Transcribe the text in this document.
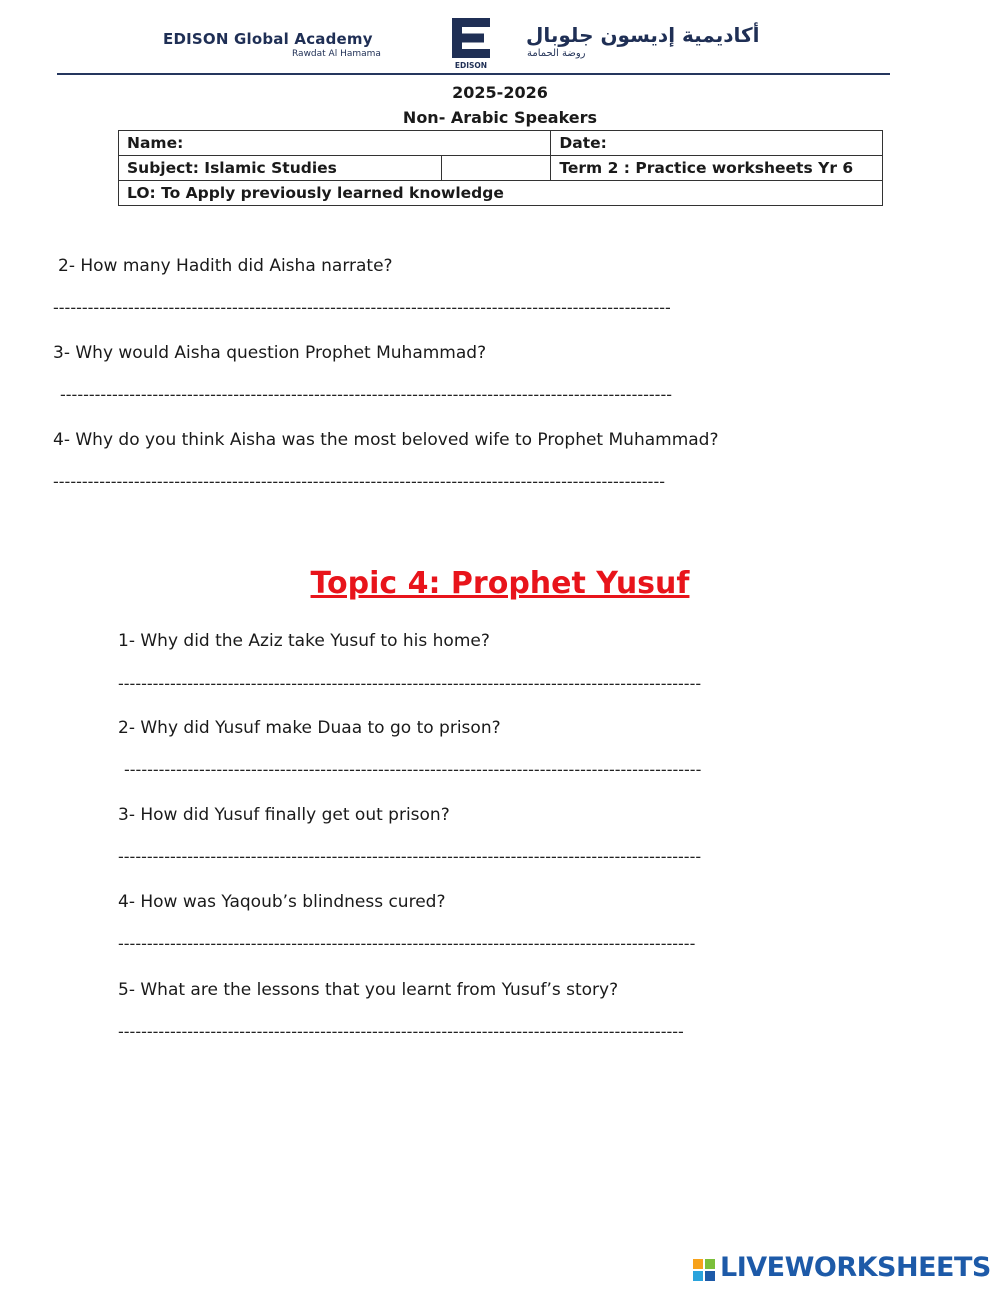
EDISON Global Academy
Rawdat Al Hamama
EDISON
أكاديمية إديسون جلوبال
روضة الحمامة
2025-2026
Non- Arabic Speakers
Name:		Date:
Subject: Islamic Studies		Term 2 : Practice worksheets Yr 6
LO: To Apply previously learned knowledge		
2- How many Hadith did Aisha narrate?
-----------------------------------------------------------------------------------------------------------
3- Why would Aisha question Prophet Muhammad?
----------------------------------------------------------------------------------------------------------
4- Why do you think Aisha was the most beloved wife to Prophet Muhammad?
----------------------------------------------------------------------------------------------------------
Topic 4: Prophet Yusuf
1- Why did the Aziz take Yusuf to his home?
-----------------------------------------------------------------------------------------------------
2- Why did Yusuf make Duaa to go to prison?
----------------------------------------------------------------------------------------------------
3- How did Yusuf finally get out prison?
-----------------------------------------------------------------------------------------------------
4- How was Yaqoub’s blindness cured?
----------------------------------------------------------------------------------------------------
5- What are the lessons that you learnt from Yusuf’s story?
--------------------------------------------------------------------------------------------------
LIVEWORKSHEETS
